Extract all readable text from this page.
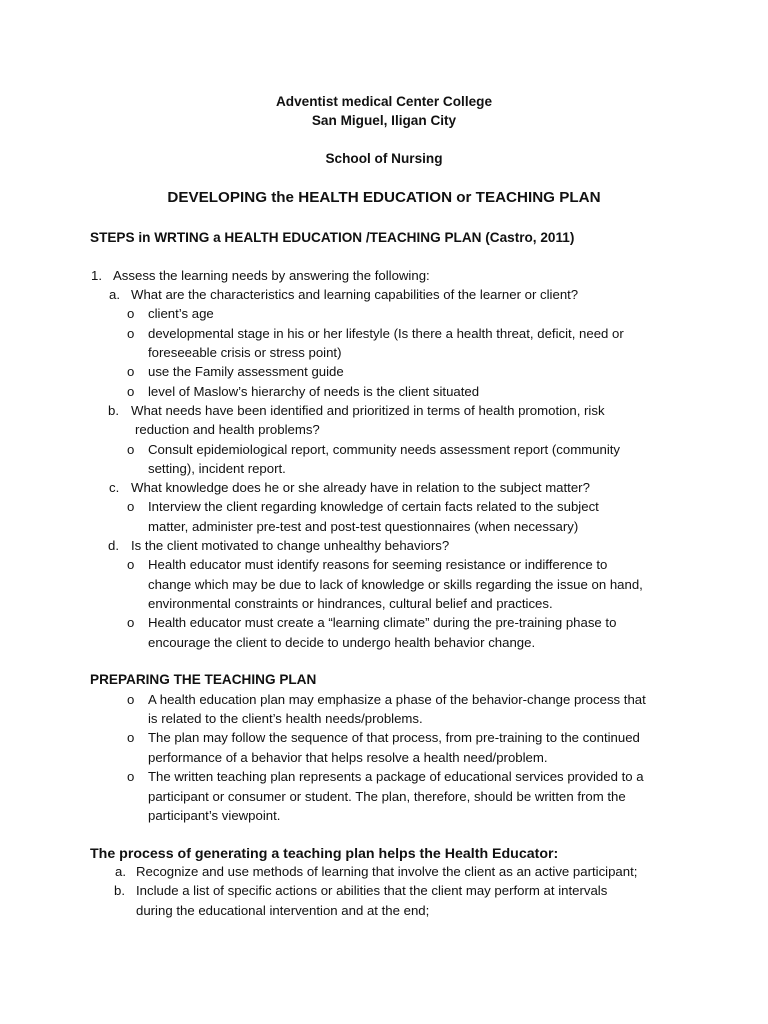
Adventist medical Center College
San Miguel, Iligan City
School of Nursing
DEVELOPING the HEALTH EDUCATION or TEACHING PLAN
STEPS in WRTING a HEALTH EDUCATION /TEACHING PLAN (Castro, 2011)
1. Assess the learning needs by answering the following:
a. What are the characteristics and learning capabilities of the learner or client?
o client’s age
o developmental stage in his or her lifestyle (Is there a health threat, deficit, need or
foreseeable crisis or stress point)
o use the Family assessment guide
o level of Maslow’s hierarchy of needs is the client situated
b. What needs have been identified and prioritized in terms of health promotion, risk
reduction and health problems?
o Consult epidemiological report, community needs assessment report (community
setting), incident report.
c. What knowledge does he or she already have in relation to the subject matter?
o Interview the client regarding knowledge of certain facts related to the subject
matter, administer pre-test and post-test questionnaires (when necessary)
d. Is the client motivated to change unhealthy behaviors?
o Health educator must identify reasons for seeming resistance or indifference to
change which may be due to lack of knowledge or skills regarding the issue on hand,
environmental constraints or hindrances, cultural belief and practices.
o Health educator must create a “learning climate” during the pre-training phase to
encourage the client to decide to undergo health behavior change.
PREPARING THE TEACHING PLAN
o A health education plan may emphasize a phase of the behavior-change process that
is related to the client’s health needs/problems.
o The plan may follow the sequence of that process, from pre-training to the continued
performance of a behavior that helps resolve a health need/problem.
o The written teaching plan represents a package of educational services provided to a
participant or consumer or student. The plan, therefore, should be written from the
participant’s viewpoint.
The process of generating a teaching plan helps the Health Educator:
a. Recognize and use methods of learning that involve the client as an active participant;
b. Include a list of specific actions or abilities that the client may perform at intervals
during the educational intervention and at the end;
